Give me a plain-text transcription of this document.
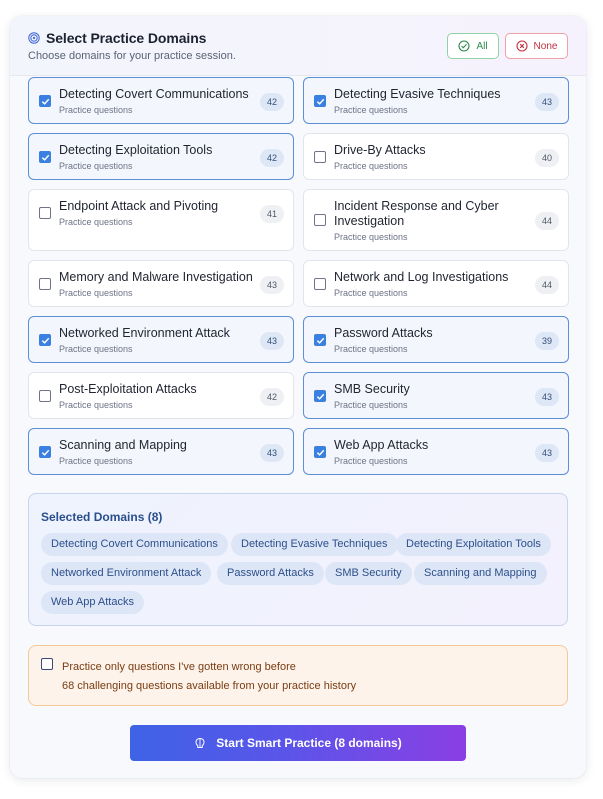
Select Practice Domains
Choose domains for your practice session.
All	None
Detecting Covert Communications
Practice questions
42
Detecting Evasive Techniques
Practice questions
43
Detecting Exploitation Tools
Practice questions
42
Drive-By Attacks
Practice questions
40
Endpoint Attack and Pivoting
Practice questions
41
Incident Response and Cyber Investigation
Practice questions
44
Memory and Malware Investigation
Practice questions
43
Network and Log Investigations
Practice questions
44
Networked Environment Attack
Practice questions
43
Password Attacks
Practice questions
39
Post-Exploitation Attacks
Practice questions
42
SMB Security
Practice questions
43
Scanning and Mapping
Practice questions
43
Web App Attacks
Practice questions
43
Selected Domains (8)
Detecting Covert Communications	Detecting Evasive Techniques	Detecting Exploitation Tools
Networked Environment Attack	Password Attacks	SMB Security	Scanning and Mapping
Web App Attacks
Practice only questions I've gotten wrong before
68 challenging questions available from your practice history
Start Smart Practice (8 domains)
